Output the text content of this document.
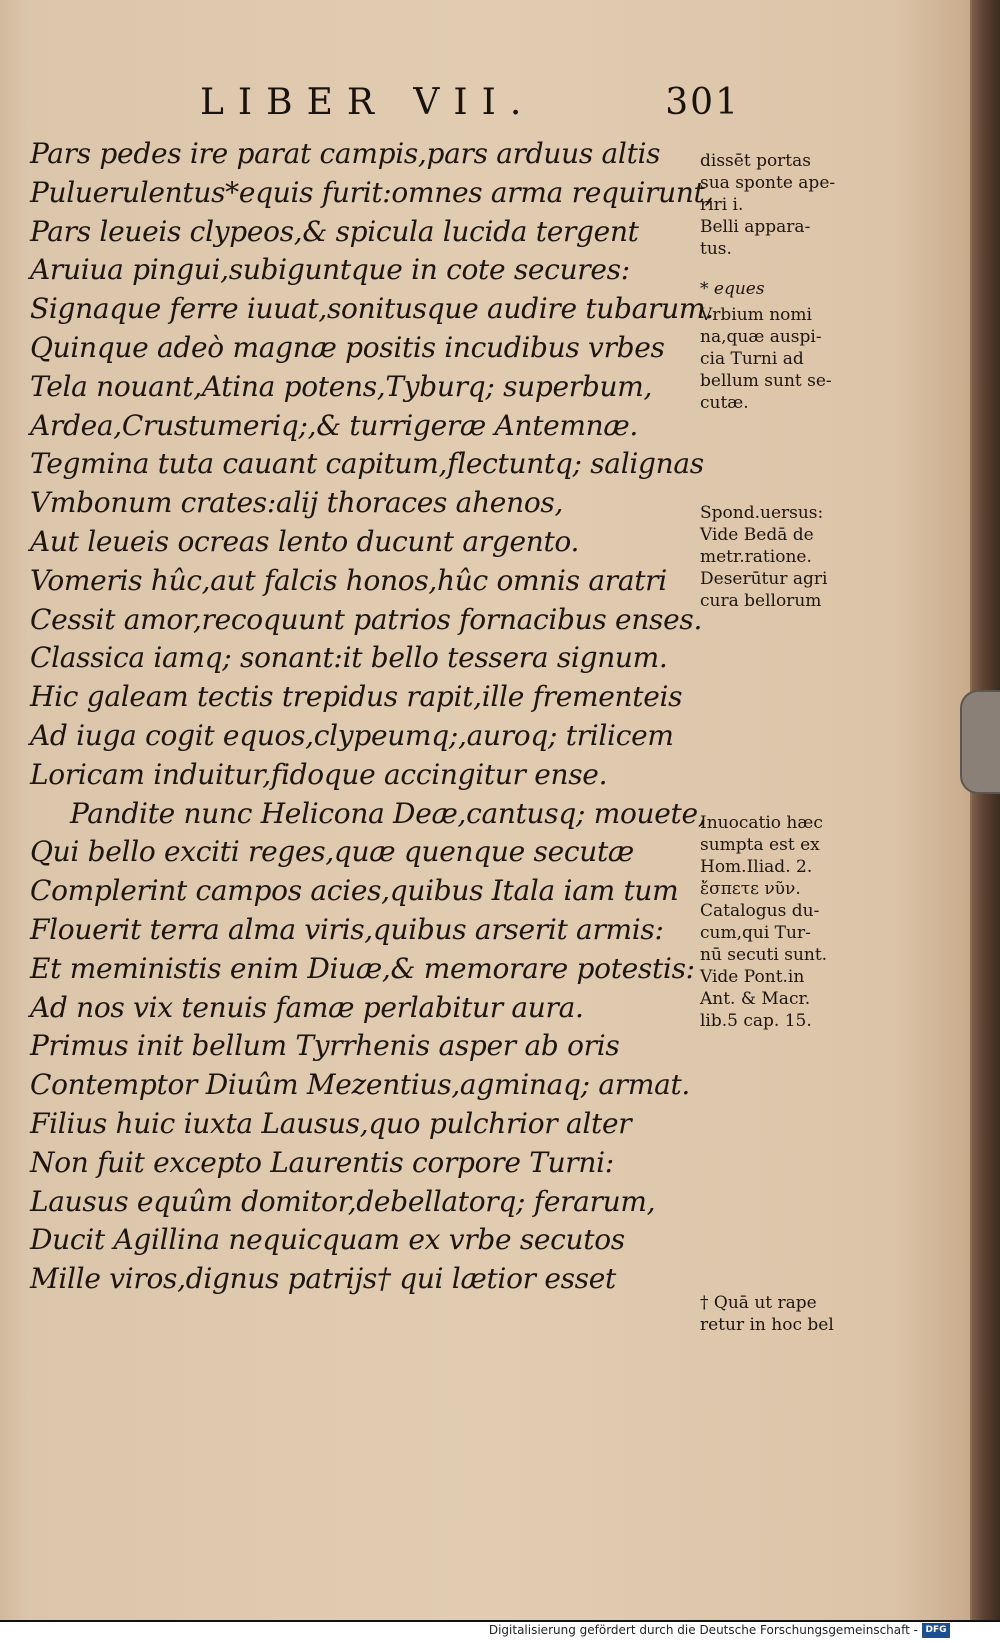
LIBER VII.	301
Pars pedes ire parat campis,pars arduus altis
Puluerulentus*equis furit:omnes arma requirunt,
Pars leueis clypeos,& spicula lucida tergent
Aruiua pingui,subiguntque in cote secures:
Signaque ferre iuuat,sonitusque audire tubarum.
Quinque adeò magnæ positis incudibus vrbes
Tela nouant,Atina potens,Tyburq; superbum,
Ardea,Crustumeriq;,& turrigeræ Antemnæ.
Tegmina tuta cauant capitum,flectuntq; salignas
Vmbonum crates:alij thoraces ahenos,
Aut leueis ocreas lento ducunt argento.
Vomeris hûc,aut falcis honos,hûc omnis aratri
Cessit amor,recoquunt patrios fornacibus enses.
Classica iamq; sonant:it bello tessera signum.
Hic galeam tectis trepidus rapit,ille frementeis
Ad iuga cogit equos,clypeumq;,auroq; trilicem
Loricam induitur,fidoque accingitur ense.
Pandite nunc Helicona Deæ,cantusq; mouete,
Qui bello exciti reges,quæ quenque secutæ
Complerint campos acies,quibus Itala iam tum
Flouerit terra alma viris,quibus arserit armis:
Et meministis enim Diuæ,& memorare potestis:
Ad nos vix tenuis famæ perlabitur aura.
Primus init bellum Tyrrhenis asper ab oris
Contemptor Diuûm Mezentius,agminaq; armat.
Filius huic iuxta Lausus,quo pulchrior alter
Non fuit excepto Laurentis corpore Turni:
Lausus equûm domitor,debellatorq; ferarum,
Ducit Agillina nequicquam ex vrbe secutos
Mille viros,dignus patrijs† qui lætior esset
dissēt portas
sua sponte ape-
riri i.
Belli appara-
tus.
* eques
Vrbium nomi
na,quæ auspi-
cia Turni ad
bellum sunt se-
cutæ.
Spond.uersus:
Vide Bedā de
metr.ratione.
Deserūtur agri
cura bellorum
Inuocatio hæc
sumpta est ex
Hom.Iliad. 2.
ἔσπετε νῦν.
Catalogus du-
cum,qui Tur-
nū secuti sunt.
Vide Pont.in
Ant. & Macr.
lib.5 cap. 15.
† Quā ut rape
retur in hoc bel
Digitalisierung gefördert durch die Deutsche Forschungsgemeinschaft - DFG
